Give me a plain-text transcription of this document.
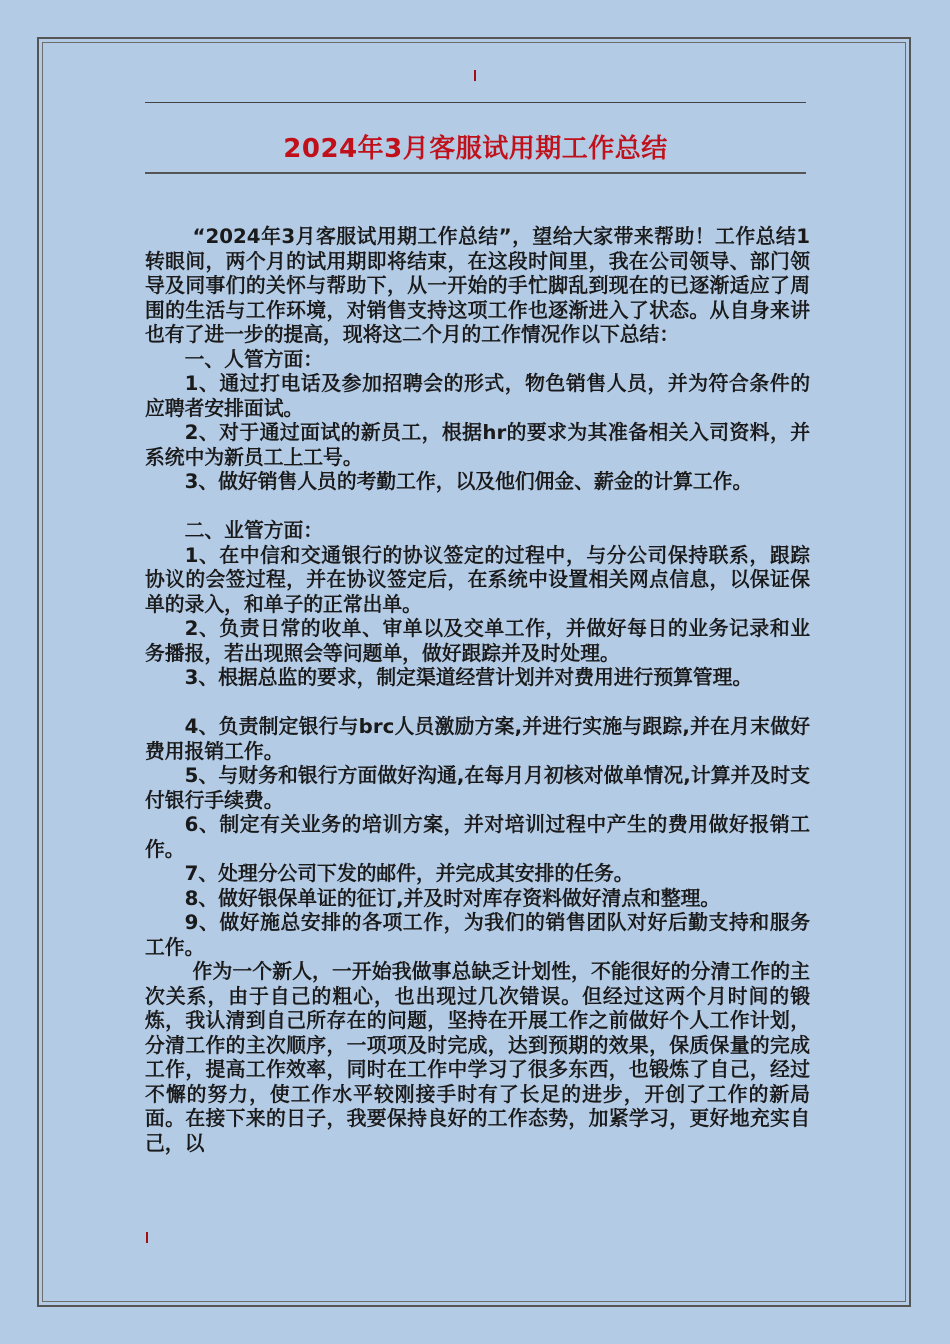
2024年3月客服试用期工作总结

“2024年3月客服试用期工作总结”，望给大家带来帮助！工作总结1转眼间，两个月的试用期即将结束，在这段时间里，我在公司领导、部门领导及同事们的关怀与帮助下，从一开始的手忙脚乱到现在的已逐渐适应了周围的生活与工作环境，对销售支持这项工作也逐渐进入了状态。从自身来讲也有了进一步的提高，现将这二个月的工作情况作以下总结：

一、人管方面：

1、通过打电话及参加招聘会的形式，物色销售人员，并为符合条件的应聘者安排面试。

2、对于通过面试的新员工，根据hr的要求为其准备相关入司资料，并系统中为新员工上工号。

3、做好销售人员的考勤工作，以及他们佣金、薪金的计算工作。

二、业管方面：

1、在中信和交通银行的协议签定的过程中，与分公司保持联系，跟踪协议的会签过程，并在协议签定后，在系统中设置相关网点信息，以保证保单的录入，和单子的正常出单。

2、负责日常的收单、审单以及交单工作，并做好每日的业务记录和业务播报，若出现照会等问题单，做好跟踪并及时处理。

3、根据总监的要求，制定渠道经营计划并对费用进行预算管理。

4、负责制定银行与brc人员激励方案,并进行实施与跟踪,并在月末做好费用报销工作。

5、与财务和银行方面做好沟通,在每月月初核对做单情况,计算并及时支付银行手续费。

6、制定有关业务的培训方案，并对培训过程中产生的费用做好报销工作。

7、处理分公司下发的邮件，并完成其安排的任务。

8、做好银保单证的征订,并及时对库存资料做好清点和整理。

9、做好施总安排的各项工作，为我们的销售团队对好后勤支持和服务工作。

作为一个新人，一开始我做事总缺乏计划性，不能很好的分清工作的主次关系，由于自己的粗心，也出现过几次错误。但经过这两个月时间的锻炼，我认清到自己所存在的问题，坚持在开展工作之前做好个人工作计划，分清工作的主次顺序，一项项及时完成，达到预期的效果，保质保量的完成工作，提高工作效率，同时在工作中学习了很多东西，也锻炼了自己，经过不懈的努力，使工作水平较刚接手时有了长足的进步，开创了工作的新局面。在接下来的日子，我要保持良好的工作态势，加紧学习，更好地充实自己，以
